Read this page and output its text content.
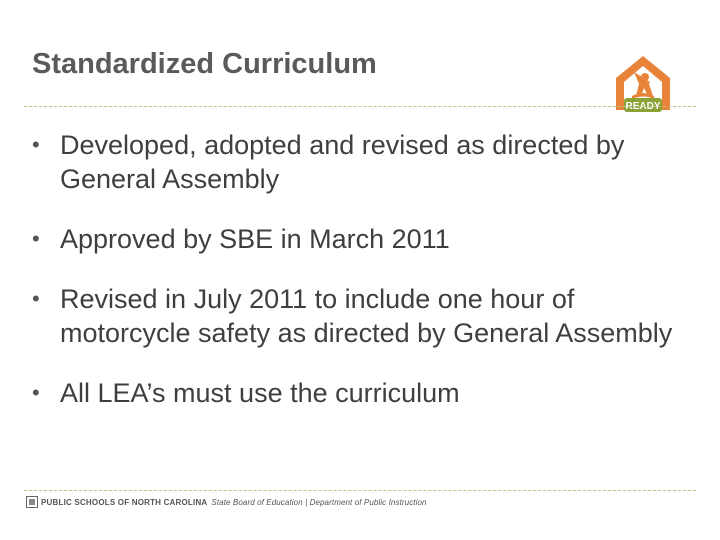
Standardized Curriculum
READY
• Developed, adopted and revised as directed by General Assembly
• Approved by SBE in March 2011
• Revised in July 2011 to include one hour of motorcycle safety as directed by General Assembly
• All LEA’s must use the curriculum
PUBLIC SCHOOLS OF NORTH CAROLINA State Board of Education | Department of Public Instruction
